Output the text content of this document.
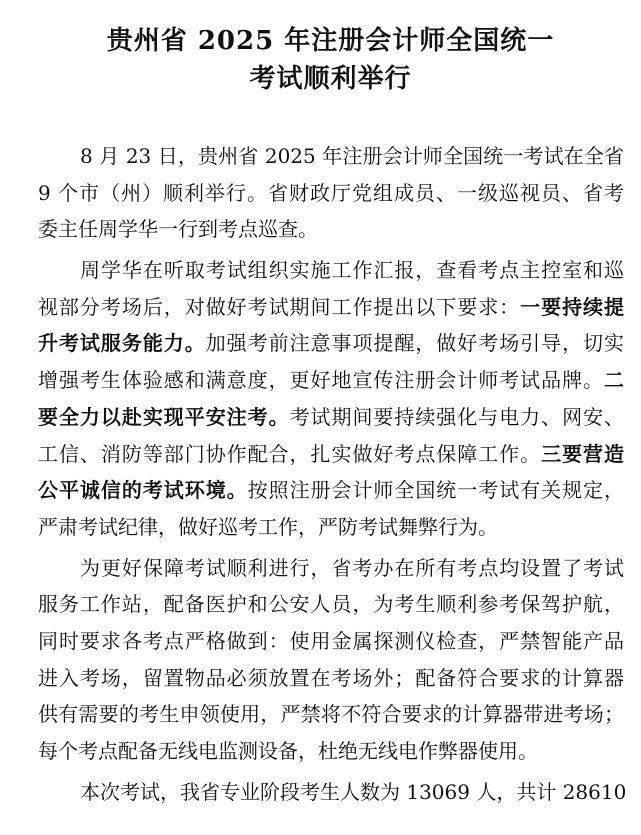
贵州省 2025 年注册会计师全国统一
考试顺利举行
8 月 23 日，贵州省 2025 年注册会计师全国统一考试在全省
9 个市（州）顺利举行。省财政厅党组成员、一级巡视员、省考
委主任周学华一行到考点巡查。
周学华在听取考试组织实施工作汇报，查看考点主控室和巡
视部分考场后，对做好考试期间工作提出以下要求：一要持续提
升考试服务能力。加强考前注意事项提醒，做好考场引导，切实
增强考生体验感和满意度，更好地宣传注册会计师考试品牌。二
要全力以赴实现平安注考。考试期间要持续强化与电力、网安、
工信、消防等部门协作配合，扎实做好考点保障工作。三要营造
公平诚信的考试环境。按照注册会计师全国统一考试有关规定，
严肃考试纪律，做好巡考工作，严防考试舞弊行为。
为更好保障考试顺利进行，省考办在所有考点均设置了考试
服务工作站，配备医护和公安人员，为考生顺利参考保驾护航，
同时要求各考点严格做到：使用金属探测仪检查，严禁智能产品
进入考场，留置物品必须放置在考场外；配备符合要求的计算器
供有需要的考生申领使用，严禁将不符合要求的计算器带进考场；
每个考点配备无线电监测设备，杜绝无线电作弊器使用。
本次考试，我省专业阶段考生人数为 13069 人，共计 28610
